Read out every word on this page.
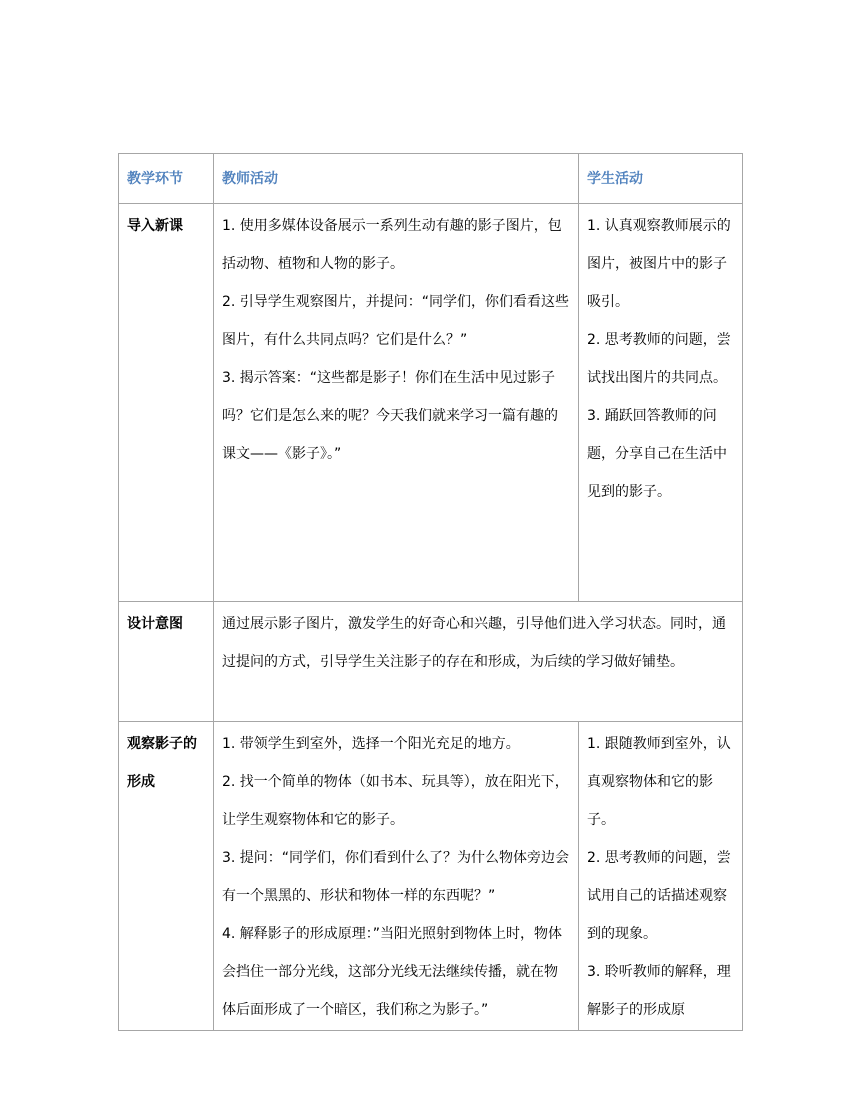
教学环节	教师活动	学生活动
导入新课	1. 使用多媒体设备展示一系列生动有趣的影子图片，包括动物、植物和人物的影子。
2. 引导学生观察图片，并提问：“同学们，你们看看这些图片，有什么共同点吗？它们是什么？”
3. 揭示答案：“这些都是影子！你们在生活中见过影子吗？它们是怎么来的呢？今天我们就来学习一篇有趣的课文——《影子》。”	1. 认真观察教师展示的图片，被图片中的影子吸引。
2. 思考教师的问题，尝试找出图片的共同点。
3. 踊跃回答教师的问题，分享自己在生活中见到的影子。

设计意图	通过展示影子图片，激发学生的好奇心和兴趣，引导他们进入学习状态。同时，通过提问的方式，引导学生关注影子的存在和形成，为后续的学习做好铺垫。	
观察影子的形成	1. 带领学生到室外，选择一个阳光充足的地方。
2. 找一个简单的物体（如书本、玩具等），放在阳光下，让学生观察物体和它的影子。
3. 提问：“同学们，你们看到什么了？为什么物体旁边会有一个黑黑的、形状和物体一样的东西呢？”
4. 解释影子的形成原理：”当阳光照射到物体上时，物体会挡住一部分光线，这部分光线无法继续传播，就在物体后面形成了一个暗区，我们称之为影子。”	1. 跟随教师到室外，认真观察物体和它的影子。
2. 思考教师的问题，尝试用自己的话描述观察到的现象。
3. 聆听教师的解释，理解影子的形成原
